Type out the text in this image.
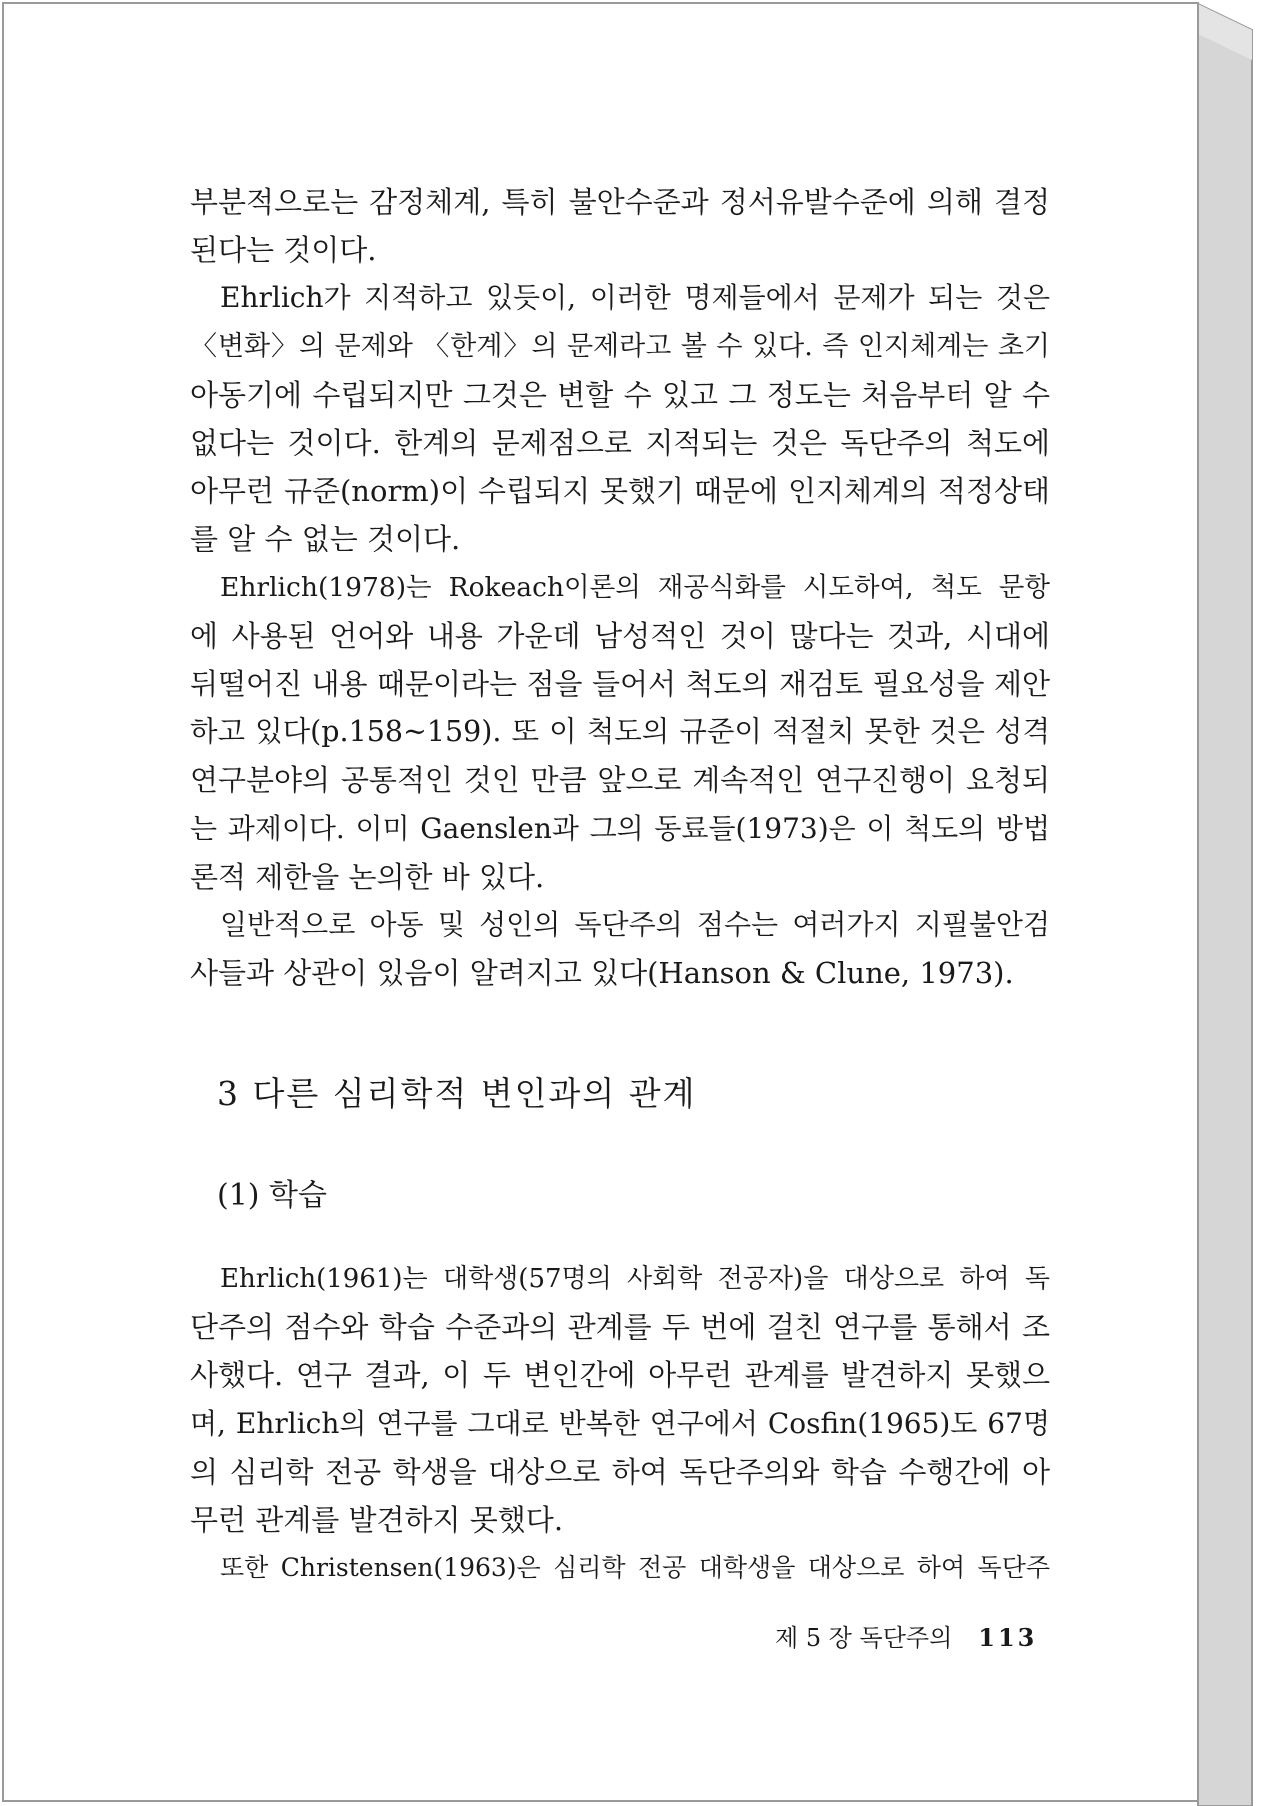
부분적으로는 감정체계, 특히 불안수준과 정서유발수준에 의해 결정
된다는 것이다.
Ehrlich가 지적하고 있듯이, 이러한 명제들에서 문제가 되는 것은
〈변화〉의 문제와 〈한계〉의 문제라고 볼 수 있다. 즉 인지체계는 초기
아동기에 수립되지만 그것은 변할 수 있고 그 정도는 처음부터 알 수
없다는 것이다. 한계의 문제점으로 지적되는 것은 독단주의 척도에
아무런 규준(norm)이 수립되지 못했기 때문에 인지체계의 적정상태
를 알 수 없는 것이다.
Ehrlich(1978)는 Rokeach이론의 재공식화를 시도하여, 척도 문항
에 사용된 언어와 내용 가운데 남성적인 것이 많다는 것과, 시대에
뒤떨어진 내용 때문이라는 점을 들어서 척도의 재검토 필요성을 제안
하고 있다(p.158~159). 또 이 척도의 규준이 적절치 못한 것은 성격
연구분야의 공통적인 것인 만큼 앞으로 계속적인 연구진행이 요청되
는 과제이다. 이미 Gaenslen과 그의 동료들(1973)은 이 척도의 방법
론적 제한을 논의한 바 있다.
일반적으로 아동 및 성인의 독단주의 점수는 여러가지 지필불안검
사들과 상관이 있음이 알려지고 있다(Hanson & Clune, 1973).
3 다른 심리학적 변인과의 관계
(1) 학습
Ehrlich(1961)는 대학생(57명의 사회학 전공자)을 대상으로 하여 독
단주의 점수와 학습 수준과의 관계를 두 번에 걸친 연구를 통해서 조
사했다. 연구 결과, 이 두 변인간에 아무런 관계를 발견하지 못했으
며, Ehrlich의 연구를 그대로 반복한 연구에서 Cosfin(1965)도 67명
의 심리학 전공 학생을 대상으로 하여 독단주의와 학습 수행간에 아
무런 관계를 발견하지 못했다.
또한 Christensen(1963)은 심리학 전공 대학생을 대상으로 하여 독단주
제 5 장 독단주의 113
